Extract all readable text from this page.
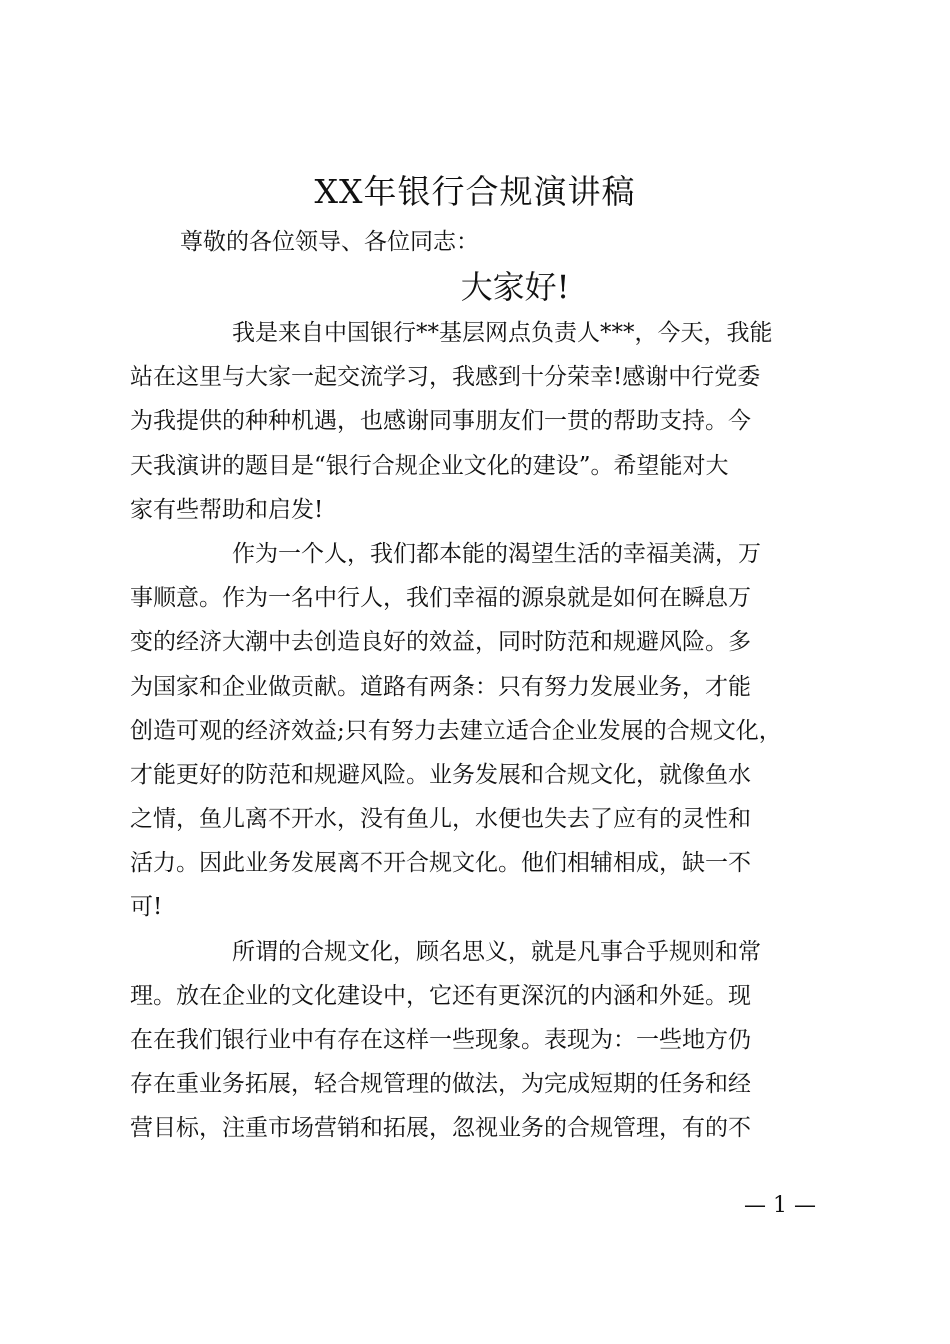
XX年银行合规演讲稿
尊敬的各位领导、各位同志：
大家好!

我是来自中国银行**基层网点负责人***，今天，我能
站在这里与大家一起交流学习，我感到十分荣幸!感谢中行党委
为我提供的种种机遇，也感谢同事朋友们一贯的帮助支持。今
天我演讲的题目是“银行合规企业文化的建设”。希望能对大
家有些帮助和启发!

作为一个人，我们都本能的渴望生活的幸福美满，万
事顺意。作为一名中行人，我们幸福的源泉就是如何在瞬息万
变的经济大潮中去创造良好的效益，同时防范和规避风险。多
为国家和企业做贡献。道路有两条：只有努力发展业务，才能
创造可观的经济效益;只有努力去建立适合企业发展的合规文化，
才能更好的防范和规避风险。业务发展和合规文化，就像鱼水
之情，鱼儿离不开水，没有鱼儿，水便也失去了应有的灵性和
活力。因此业务发展离不开合规文化。他们相辅相成，缺一不
可!

所谓的合规文化，顾名思义，就是凡事合乎规则和常
理。放在企业的文化建设中，它还有更深沉的内涵和外延。现
在在我们银行业中有存在这样一些现象。表现为：一些地方仍
存在重业务拓展，轻合规管理的做法，为完成短期的任务和经
营目标，注重市场营销和拓展，忽视业务的合规管理，有的不

— 1 —
